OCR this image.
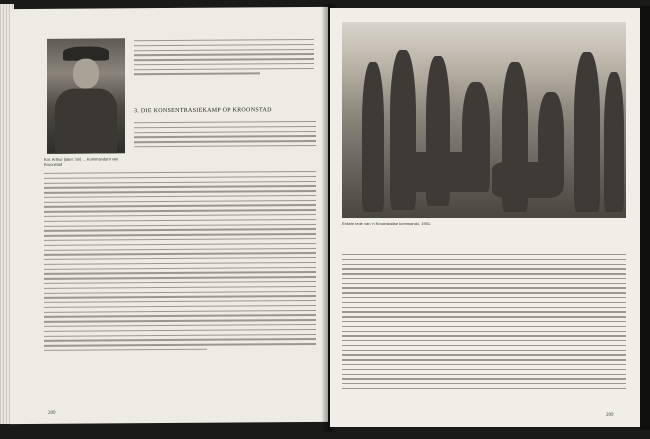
Kol. Arthur (later: Sir) ... Kommandant van Kroonstad
3. DIE KONSENTRASIEKAMP OP KROONSTAD
209
Enkele lede van 'n Kroonstadse kommando, 1901.
209
